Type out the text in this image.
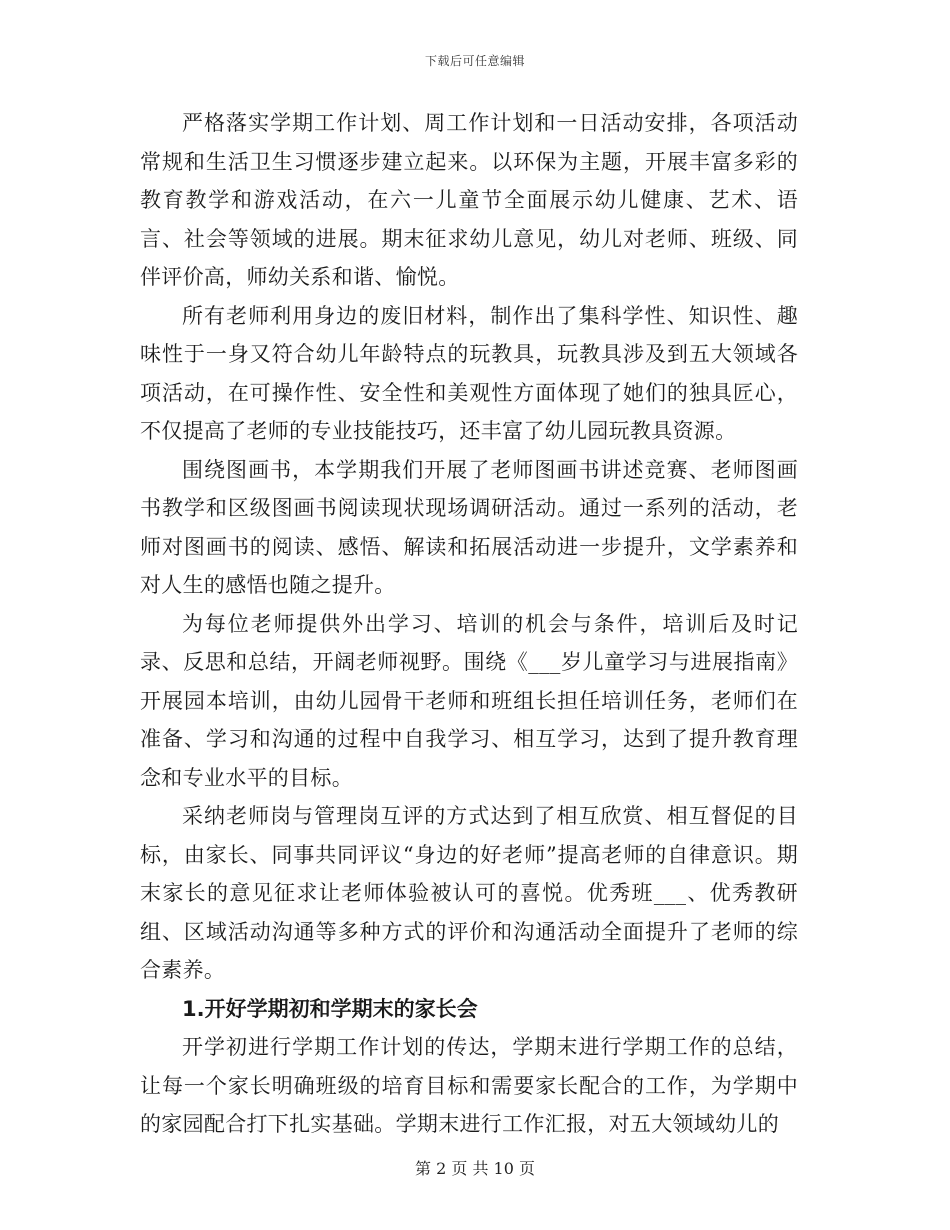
下载后可任意编辑

严格落实学期工作计划、周工作计划和一日活动安排，各项活动常规和生活卫生习惯逐步建立起来。以环保为主题，开展丰富多彩的教育教学和游戏活动，在六一儿童节全面展示幼儿健康、艺术、语言、社会等领域的进展。期末征求幼儿意见，幼儿对老师、班级、同伴评价高，师幼关系和谐、愉悦。

所有老师利用身边的废旧材料，制作出了集科学性、知识性、趣味性于一身又符合幼儿年龄特点的玩教具，玩教具涉及到五大领域各项活动，在可操作性、安全性和美观性方面体现了她们的独具匠心，不仅提高了老师的专业技能技巧，还丰富了幼儿园玩教具资源。

围绕图画书，本学期我们开展了老师图画书讲述竞赛、老师图画书教学和区级图画书阅读现状现场调研活动。通过一系列的活动，老师对图画书的阅读、感悟、解读和拓展活动进一步提升，文学素养和对人生的感悟也随之提升。

为每位老师提供外出学习、培训的机会与条件，培训后及时记录、反思和总结，开阔老师视野。围绕《___岁儿童学习与进展指南》开展园本培训，由幼儿园骨干老师和班组长担任培训任务，老师们在准备、学习和沟通的过程中自我学习、相互学习，达到了提升教育理念和专业水平的目标。

采纳老师岗与管理岗互评的方式达到了相互欣赏、相互督促的目标，由家长、同事共同评议“身边的好老师”提高老师的自律意识。期末家长的意见征求让老师体验被认可的喜悦。优秀班___、优秀教研组、区域活动沟通等多种方式的评价和沟通活动全面提升了老师的综合素养。

1.开好学期初和学期末的家长会

开学初进行学期工作计划的传达，学期末进行学期工作的总结，让每一个家长明确班级的培育目标和需要家长配合的工作，为学期中的家园配合打下扎实基础。学期末进行工作汇报，对五大领域幼儿的

第 2 页 共 10 页
